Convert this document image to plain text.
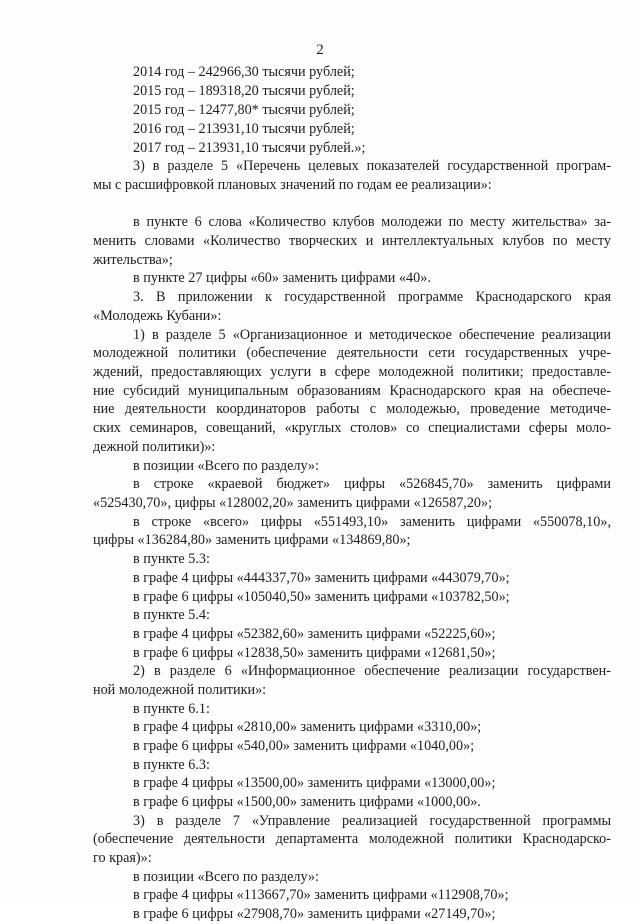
2
2014 год – 242966,30 тысячи рублей;
2015 год – 189318,20 тысячи рублей;
2015 год – 12477,80* тысячи рублей;
2016 год – 213931,10 тысячи рублей;
2017 год – 213931,10 тысячи рублей.»;
3) в разделе 5 «Перечень целевых показателей государственной програм-
мы с расшифровкой плановых значений по годам ее реализации»:
в пункте 6 слова «Количество клубов молодежи по месту жительства» за-
менить словами «Количество творческих и интеллектуальных клубов по месту
жительства»;
в пункте 27 цифры «60» заменить цифрами «40».
3. В приложении к государственной программе Краснодарского края
«Молодежь Кубани»:
1) в разделе 5 «Организационное и методическое обеспечение реализации
молодежной политики (обеспечение деятельности сети государственных учре-
ждений, предоставляющих услуги в сфере молодежной политики; предоставле-
ние субсидий муниципальным образованиям Краснодарского края на обеспече-
ние деятельности координаторов работы с молодежью, проведение методиче-
ских семинаров, совещаний, «круглых столов» со специалистами сферы моло-
дежной политики)»:
в позиции «Всего по разделу»:
в строке «краевой бюджет» цифры «526845,70» заменить цифрами
«525430,70», цифры «128002,20» заменить цифрами «126587,20»;
в строке «всего» цифры «551493,10» заменить цифрами «550078,10»,
цифры «136284,80» заменить цифрами «134869,80»;
в пункте 5.3:
в графе 4 цифры «444337,70» заменить цифрами «443079,70»;
в графе 6 цифры «105040,50» заменить цифрами «103782,50»;
в пункте 5.4:
в графе 4 цифры «52382,60» заменить цифрами «52225,60»;
в графе 6 цифры «12838,50» заменить цифрами «12681,50»;
2) в разделе 6 «Информационное обеспечение реализации государствен-
ной молодежной политики»:
в пункте 6.1:
в графе 4 цифры «2810,00» заменить цифрами «3310,00»;
в графе 6 цифры «540,00» заменить цифрами «1040,00»;
в пункте 6.3:
в графе 4 цифры «13500,00» заменить цифрами «13000,00»;
в графе 6 цифры «1500,00» заменить цифрами «1000,00».
3) в разделе 7 «Управление реализацией государственной программы
(обеспечение деятельности департамента молодежной политики Краснодарско-
го края)»:
в позиции «Всего по разделу»:
в графе 4 цифры «113667,70» заменить цифрами «112908,70»;
в графе 6 цифры «27908,70» заменить цифрами «27149,70»;
